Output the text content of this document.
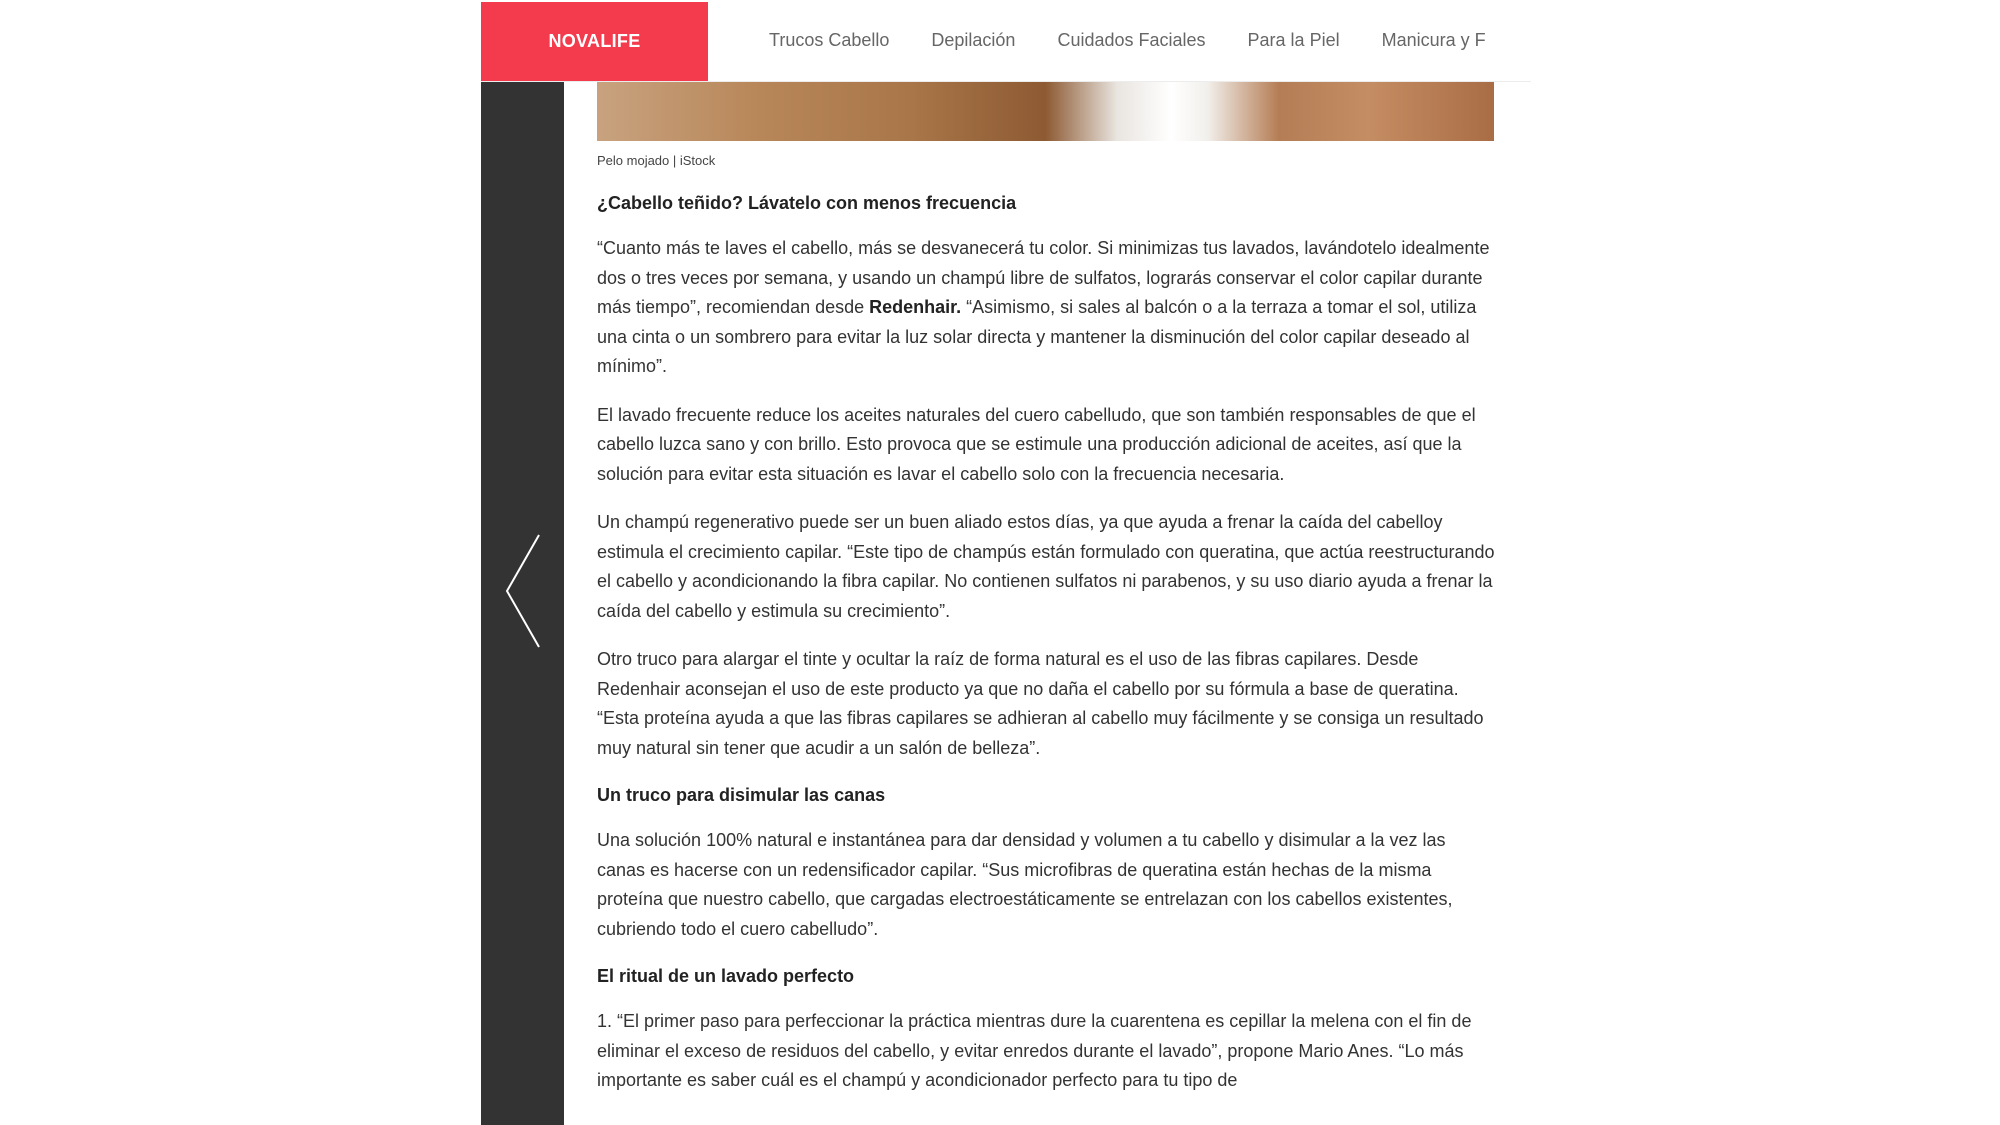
NOVALIFE	Trucos Cabello Depilación Cuidados Faciales Para la Piel Manicura y F

Pelo mojado | iStock

¿Cabello teñido? Lávatelo con menos frecuencia

“Cuanto más te laves el cabello, más se desvanecerá tu color. Si minimizas tus lavados, lavándotelo idealmente dos o tres veces por semana, y usando un champú libre de sulfatos, lograrás conservar el color capilar durante más tiempo”, recomiendan desde Redenhair. “Asimismo, si sales al balcón o a la terraza a tomar el sol, utiliza una cinta o un sombrero para evitar la luz solar directa y mantener la disminución del color capilar deseado al mínimo”.

El lavado frecuente reduce los aceites naturales del cuero cabelludo, que son también responsables de que el cabello luzca sano y con brillo. Esto provoca que se estimule una producción adicional de aceites, así que la solución para evitar esta situación es lavar el cabello solo con la frecuencia necesaria.

Un champú regenerativo puede ser un buen aliado estos días, ya que ayuda a frenar la caída del cabelloy estimula el crecimiento capilar. “Este tipo de champús están formulado con queratina, que actúa reestructurando el cabello y acondicionando la fibra capilar. No contienen sulfatos ni parabenos, y su uso diario ayuda a frenar la caída del cabello y estimula su crecimiento”.

Otro truco para alargar el tinte y ocultar la raíz de forma natural es el uso de las fibras capilares. Desde Redenhair aconsejan el uso de este producto ya que no daña el cabello por su fórmula a base de queratina. “Esta proteína ayuda a que las fibras capilares se adhieran al cabello muy fácilmente y se consiga un resultado muy natural sin tener que acudir a un salón de belleza”.

Un truco para disimular las canas

Una solución 100% natural e instantánea para dar densidad y volumen a tu cabello y disimular a la vez las canas es hacerse con un redensificador capilar. “Sus microfibras de queratina están hechas de la misma proteína que nuestro cabello, que cargadas electroestáticamente se entrelazan con los cabellos existentes, cubriendo todo el cuero cabelludo”.

El ritual de un lavado perfecto

1. “El primer paso para perfeccionar la práctica mientras dure la cuarentena es cepillar la melena con el fin de eliminar el exceso de residuos del cabello, y evitar enredos durante el lavado”, propone Mario Anes. “Lo más importante es saber cuál es el champú y acondicionador perfecto para tu tipo de
